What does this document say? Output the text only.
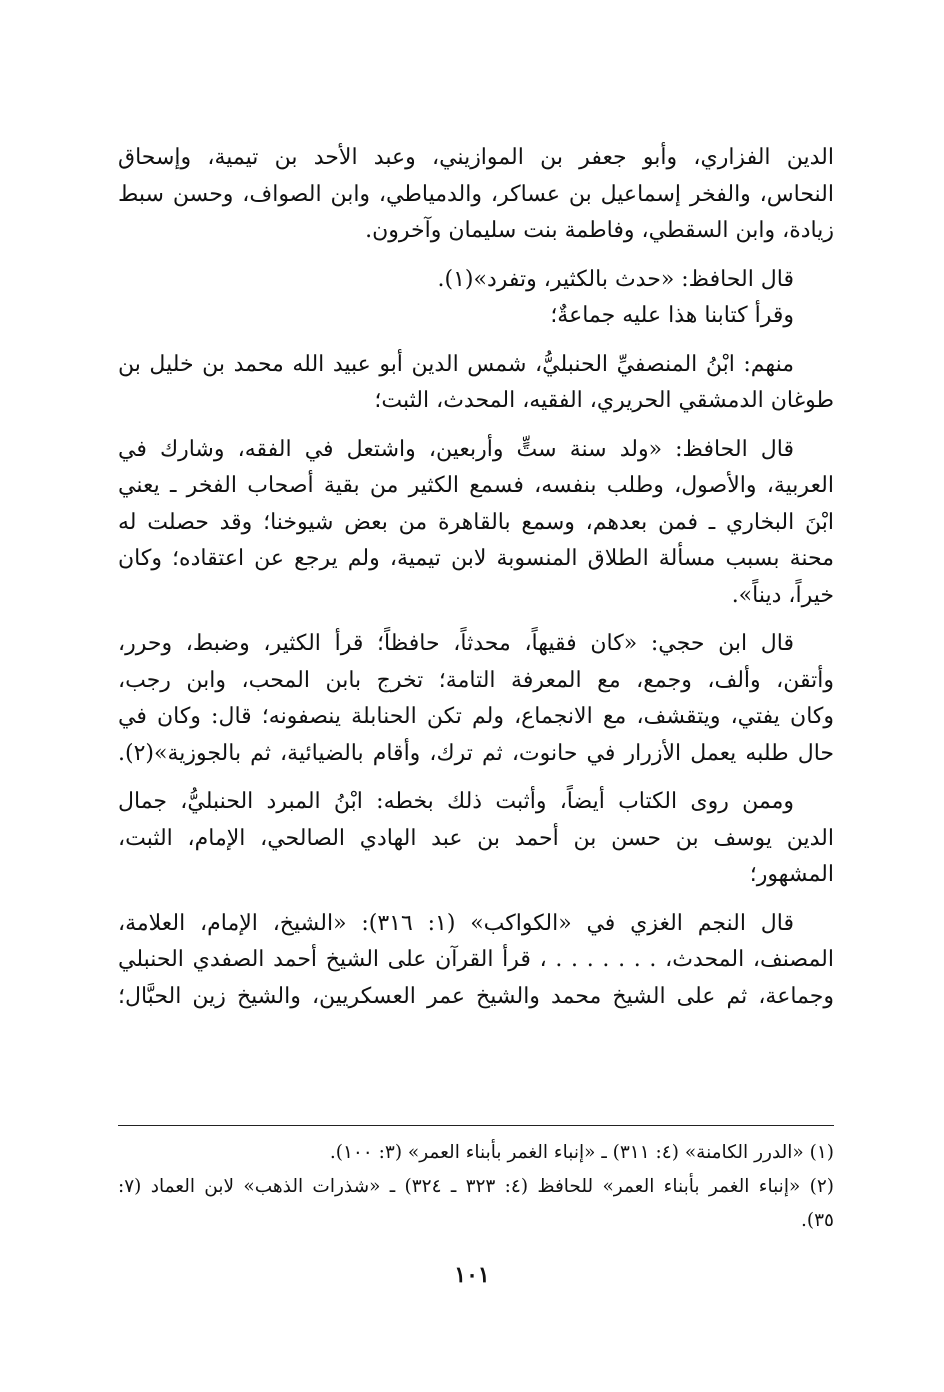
الدين الفزاري، وأبو جعفر بن الموازيني، وعبد الأحد بن تيمية، وإسحاق
النحاس، والفخر إسماعيل بن عساكر، والدمياطي، وابن الصواف، وحسن سبط
زيادة، وابن السقطي، وفاطمة بنت سليمان وآخرون.
قال الحافظ: «حدث بالكثير، وتفرد»(١).
وقرأ كتابنا هذا عليه جماعةٌ؛
منهم: ابْنُ المنصفيِّ الحنبليُّ، شمس الدين أبو عبيد الله محمد بن خليل بن
طوغان الدمشقي الحريري، الفقيه، المحدث، الثبت؛
قال الحافظ: «ولد سنة ستٍّ وأربعين، واشتعل في الفقه، وشارك في
العربية، والأصول، وطلب بنفسه، فسمع الكثير من بقية أصحاب الفخر ـ يعني
ابْنَ البخاري ـ فمن بعدهم، وسمع بالقاهرة من بعض شيوخنا؛ وقد حصلت له
محنة بسبب مسألة الطلاق المنسوبة لابن تيمية، ولم يرجع عن اعتقاده؛ وكان
خيراً، ديناً».
قال ابن حجي: «كان فقيهاً، محدثاً، حافظاً؛ قرأ الكثير، وضبط، وحرر،
وأتقن، وألف، وجمع، مع المعرفة التامة؛ تخرج بابن المحب، وابن رجب،
وكان يفتي، ويتقشف، مع الانجماع، ولم تكن الحنابلة ينصفونه؛ قال: وكان في
حال طلبه يعمل الأزرار في حانوت، ثم ترك، وأقام بالضيائية، ثم بالجوزية»(٢).
وممن روى الكتاب أيضاً، وأثبت ذلك بخطه: ابْنُ المبرد الحنبليُّ، جمال
الدين يوسف بن حسن بن أحمد بن عبد الهادي الصالحي، الإمام، الثبت،
المشهور؛
قال النجم الغزي في «الكواكب» (١: ٣١٦): «الشيخ، الإمام، العلامة،
المصنف، المحدث، . . . . . . . ، قرأ القرآن على الشيخ أحمد الصفدي الحنبلي
وجماعة، ثم على الشيخ محمد والشيخ عمر العسكريين، والشيخ زين الحبَّال؛
(١) «الدرر الكامنة» (٤: ٣١١) ـ «إنباء الغمر بأبناء العمر» (٣: ١٠٠).
(٢) «إنباء الغمر بأبناء العمر» للحافظ (٤: ٣٢٣ ـ ٣٢٤) ـ «شذرات الذهب» لابن العماد (٧:
٣٥).
١٠١
